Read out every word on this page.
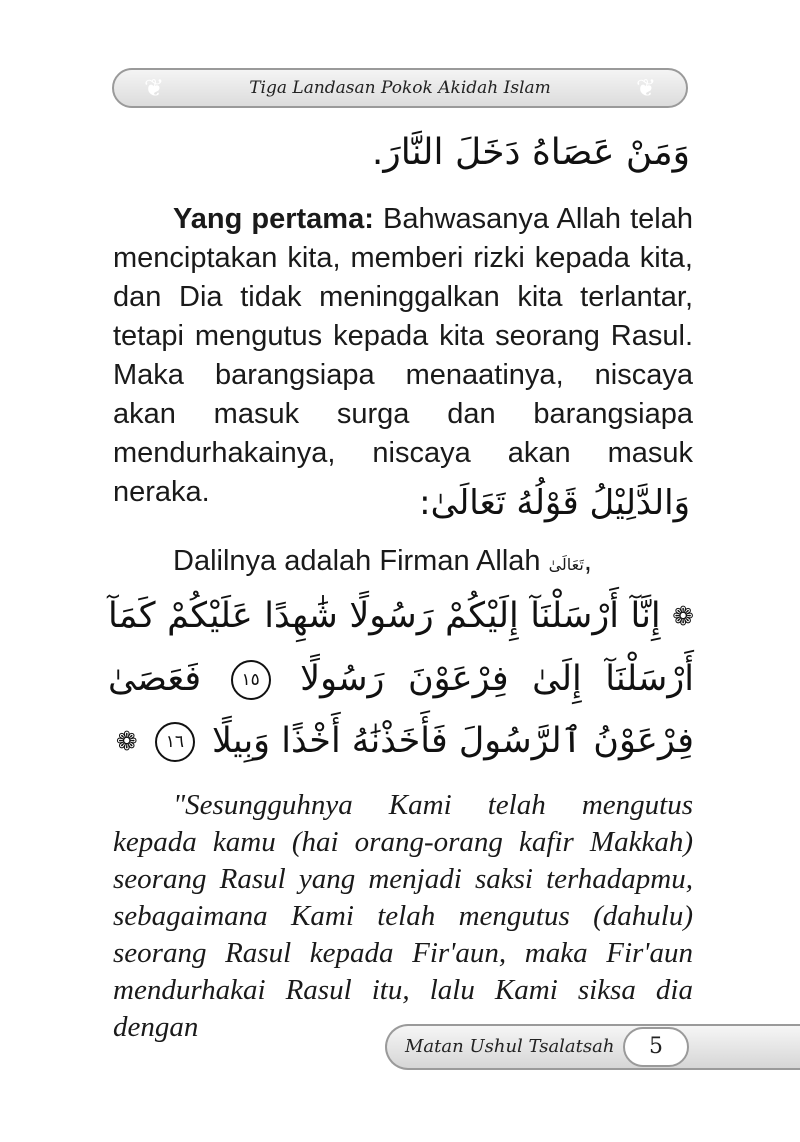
❦	Tiga Landasan Pokok Akidah Islam	❦
وَمَنْ عَصَاهُ دَخَلَ النَّارَ.
Yang pertama: Bahwasanya Allah telah menciptakan kita, memberi rizki kepada kita, dan Dia tidak meninggalkan kita terlantar, tetapi mengutus kepada kita seorang Rasul. Maka barangsiapa menaatinya, niscaya akan masuk surga dan barangsiapa mendurhakainya, niscaya akan masuk neraka.	وَالدَّلِيْلُ قَوْلُهُ تَعَالَىٰ:
Dalilnya adalah Firman Allah تَعَالَىٰ,
❁ إِنَّآ أَرْسَلْنَآ إِلَيْكُمْ رَسُولًا شَٰهِدًا عَلَيْكُمْ كَمَآ أَرْسَلْنَآ إِلَىٰ فِرْعَوْنَ رَسُولًا ١٥ فَعَصَىٰ فِرْعَوْنُ ٱلرَّسُولَ فَأَخَذْنَٰهُ أَخْذًا وَبِيلًا ١٦ ❁
"Sesungguhnya Kami telah mengutus kepada kamu (hai orang-orang kafir Makkah) seorang Rasul yang menjadi saksi terhadapmu, sebagaimana Kami telah mengutus (dahulu) seorang Rasul kepada Fir'aun, maka Fir'aun mendurhakai Rasul itu, lalu Kami siksa dia dengan
Matan Ushul Tsalatsah	5
